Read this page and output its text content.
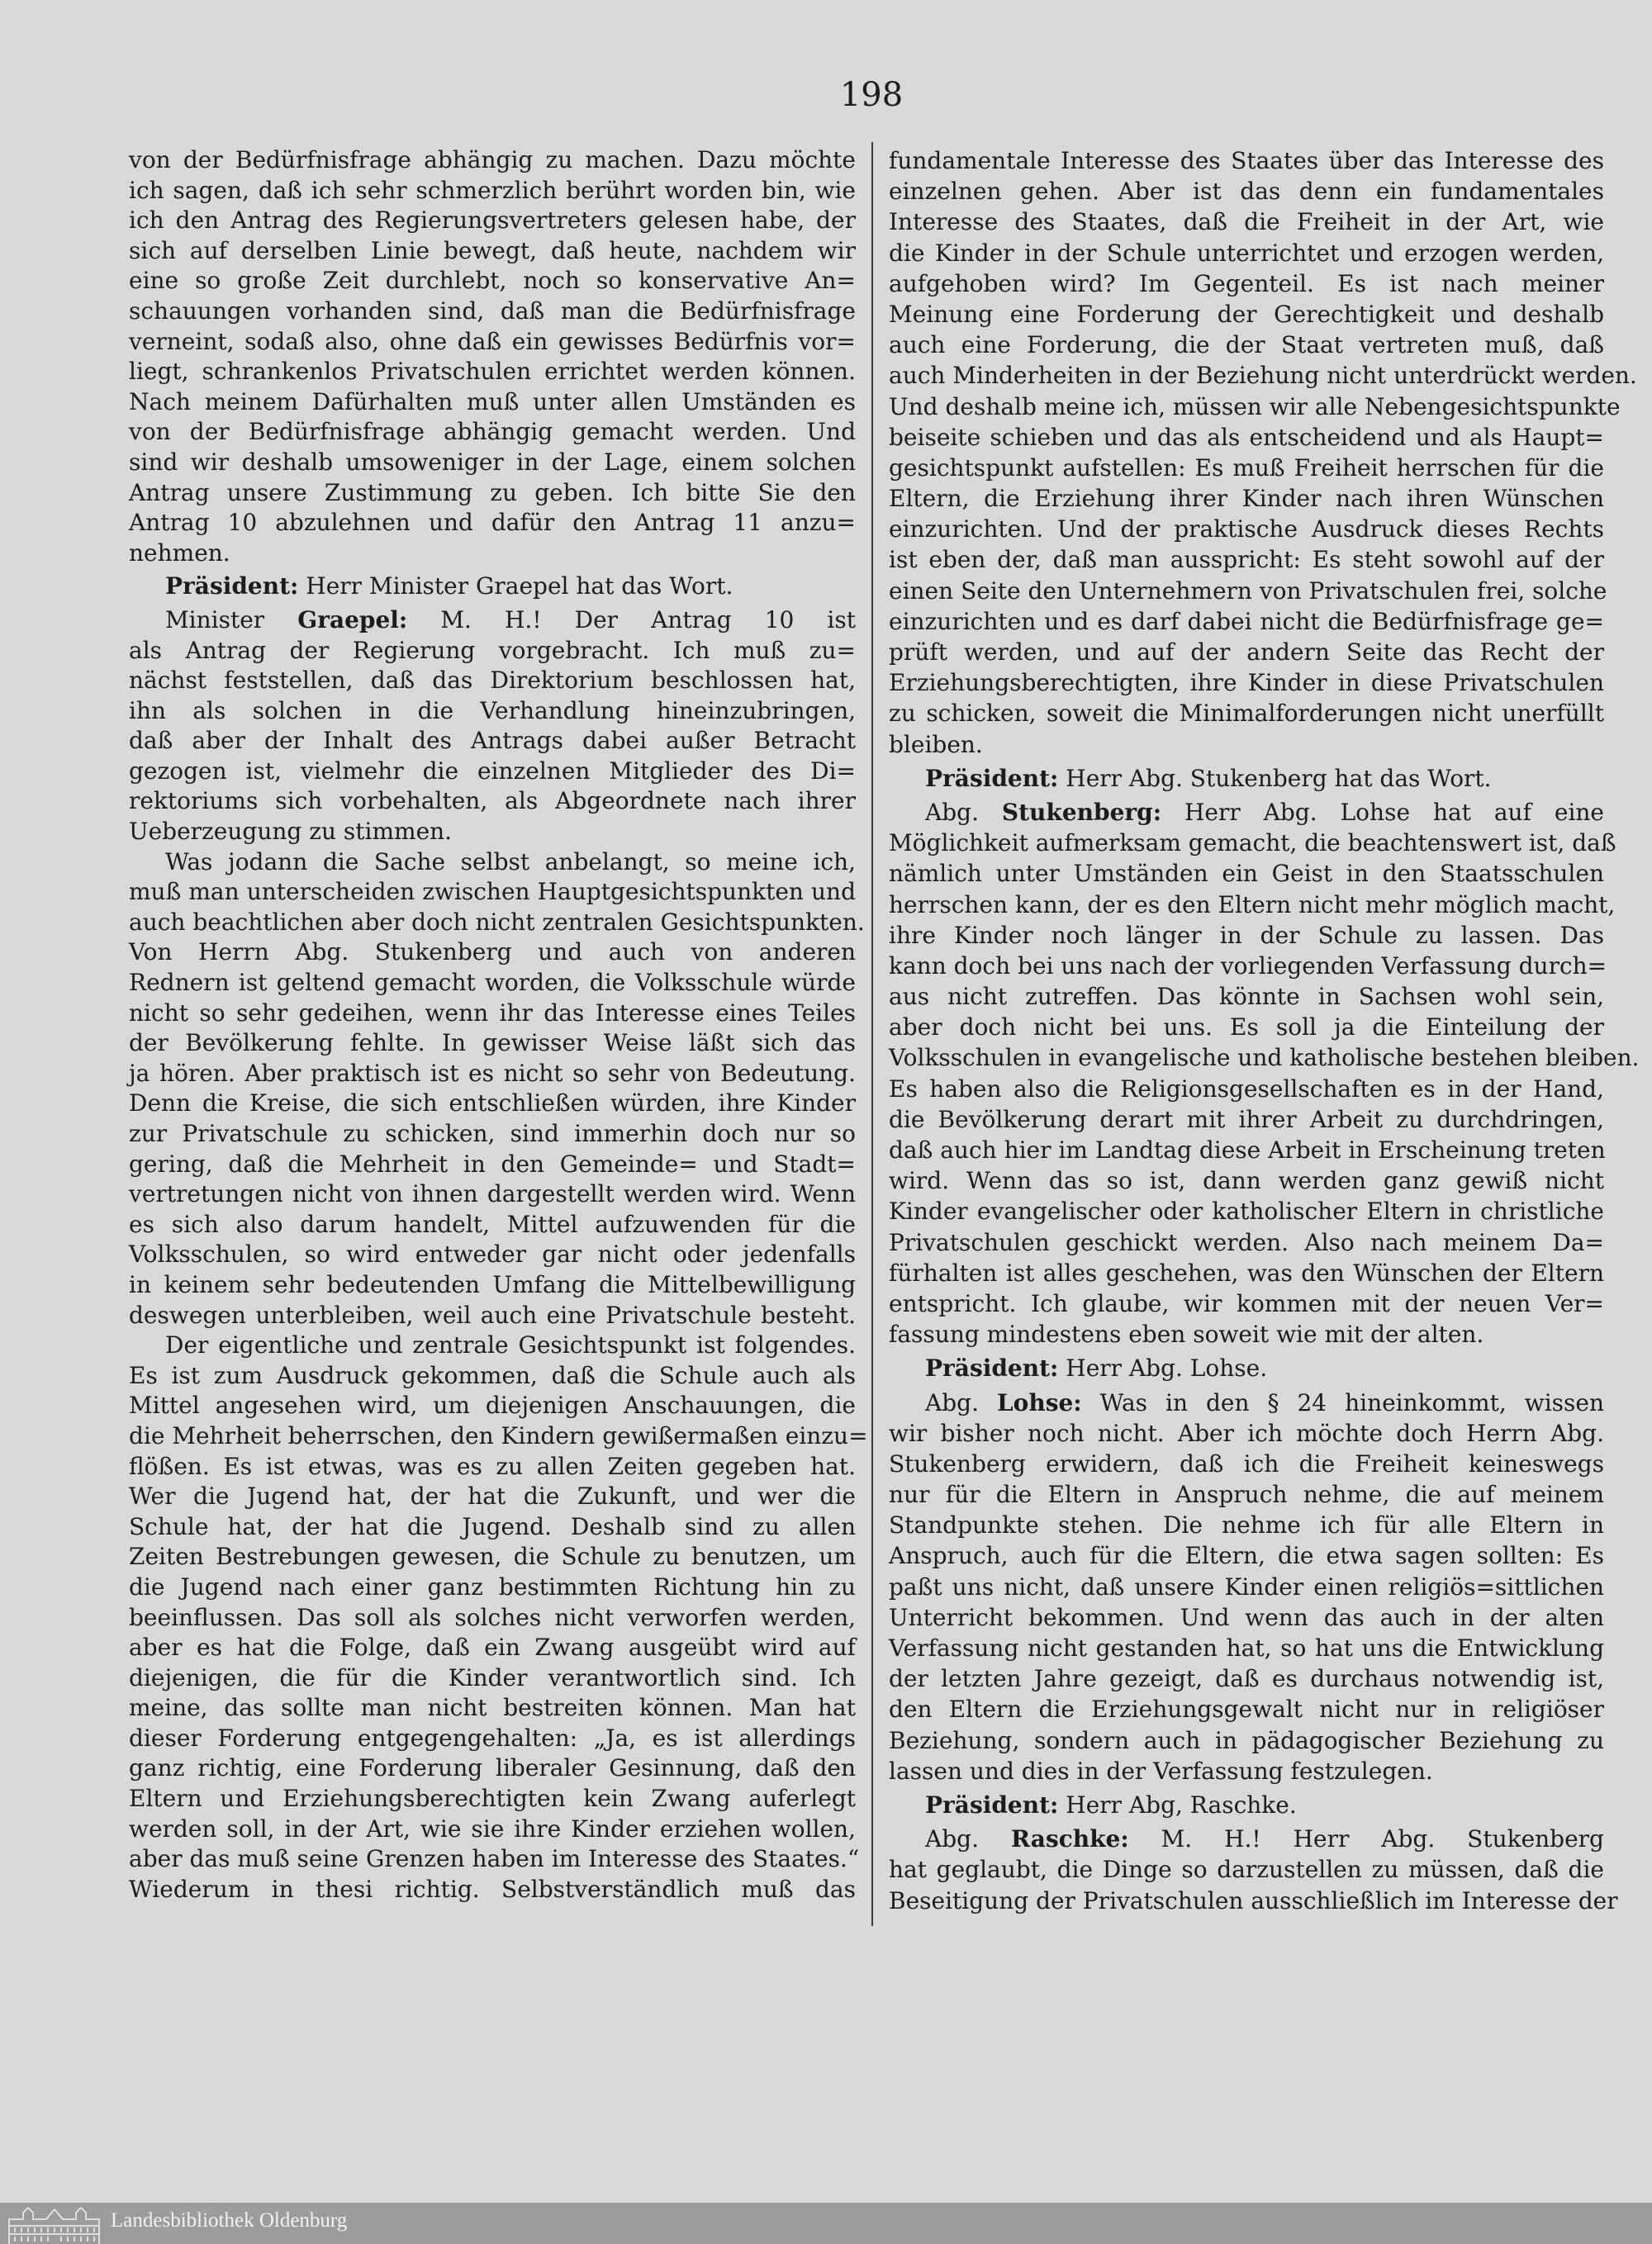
198
von der Bedürfnisfrage abhängig zu machen. Dazu möchte
ich sagen, daß ich sehr schmerzlich berührt worden bin, wie
ich den Antrag des Regierungsvertreters gelesen habe, der
sich auf derselben Linie bewegt, daß heute, nachdem wir
eine so große Zeit durchlebt, noch so konservative An=
schauungen vorhanden sind, daß man die Bedürfnisfrage
verneint, sodaß also, ohne daß ein gewisses Bedürfnis vor=
liegt, schrankenlos Privatschulen errichtet werden können.
Nach meinem Dafürhalten muß unter allen Umständen es
von der Bedürfnisfrage abhängig gemacht werden. Und
sind wir deshalb umsoweniger in der Lage, einem solchen
Antrag unsere Zustimmung zu geben. Ich bitte Sie den
Antrag 10 abzulehnen und dafür den Antrag 11 anzu=
nehmen.
Präsident: Herr Minister Graepel hat das Wort.
Minister Graepel: M. H.! Der Antrag 10 ist
als Antrag der Regierung vorgebracht. Ich muß zu=
nächst feststellen, daß das Direktorium beschlossen hat,
ihn als solchen in die Verhandlung hineinzubringen,
daß aber der Inhalt des Antrags dabei außer Betracht
gezogen ist, vielmehr die einzelnen Mitglieder des Di=
rektoriums sich vorbehalten, als Abgeordnete nach ihrer
Ueberzeugung zu stimmen.
Was jodann die Sache selbst anbelangt, so meine ich,
muß man unterscheiden zwischen Hauptgesichtspunkten und
auch beachtlichen aber doch nicht zentralen Gesichtspunkten.
Von Herrn Abg. Stukenberg und auch von anderen
Rednern ist geltend gemacht worden, die Volksschule würde
nicht so sehr gedeihen, wenn ihr das Interesse eines Teiles
der Bevölkerung fehlte. In gewisser Weise läßt sich das
ja hören. Aber praktisch ist es nicht so sehr von Bedeutung.
Denn die Kreise, die sich entschließen würden, ihre Kinder
zur Privatschule zu schicken, sind immerhin doch nur so
gering, daß die Mehrheit in den Gemeinde= und Stadt=
vertretungen nicht von ihnen dargestellt werden wird. Wenn
es sich also darum handelt, Mittel aufzuwenden für die
Volksschulen, so wird entweder gar nicht oder jedenfalls
in keinem sehr bedeutenden Umfang die Mittelbewilligung
deswegen unterbleiben, weil auch eine Privatschule besteht.
Der eigentliche und zentrale Gesichtspunkt ist folgendes.
Es ist zum Ausdruck gekommen, daß die Schule auch als
Mittel angesehen wird, um diejenigen Anschauungen, die
die Mehrheit beherrschen, den Kindern gewißermaßen einzu=
flößen. Es ist etwas, was es zu allen Zeiten gegeben hat.
Wer die Jugend hat, der hat die Zukunft, und wer die
Schule hat, der hat die Jugend. Deshalb sind zu allen
Zeiten Bestrebungen gewesen, die Schule zu benutzen, um
die Jugend nach einer ganz bestimmten Richtung hin zu
beeinflussen. Das soll als solches nicht verworfen werden,
aber es hat die Folge, daß ein Zwang ausgeübt wird auf
diejenigen, die für die Kinder verantwortlich sind. Ich
meine, das sollte man nicht bestreiten können. Man hat
dieser Forderung entgegengehalten: „Ja, es ist allerdings
ganz richtig, eine Forderung liberaler Gesinnung, daß den
Eltern und Erziehungsberechtigten kein Zwang auferlegt
werden soll, in der Art, wie sie ihre Kinder erziehen wollen,
aber das muß seine Grenzen haben im Interesse des Staates.“
Wiederum in thesi richtig. Selbstverständlich muß das
fundamentale Interesse des Staates über das Interesse des
einzelnen gehen. Aber ist das denn ein fundamentales
Interesse des Staates, daß die Freiheit in der Art, wie
die Kinder in der Schule unterrichtet und erzogen werden,
aufgehoben wird? Im Gegenteil. Es ist nach meiner
Meinung eine Forderung der Gerechtigkeit und deshalb
auch eine Forderung, die der Staat vertreten muß, daß
auch Minderheiten in der Beziehung nicht unterdrückt werden.
Und deshalb meine ich, müssen wir alle Nebengesichtspunkte
beiseite schieben und das als entscheidend und als Haupt=
gesichtspunkt aufstellen: Es muß Freiheit herrschen für die
Eltern, die Erziehung ihrer Kinder nach ihren Wünschen
einzurichten. Und der praktische Ausdruck dieses Rechts
ist eben der, daß man ausspricht: Es steht sowohl auf der
einen Seite den Unternehmern von Privatschulen frei, solche
einzurichten und es darf dabei nicht die Bedürfnisfrage ge=
prüft werden, und auf der andern Seite das Recht der
Erziehungsberechtigten, ihre Kinder in diese Privatschulen
zu schicken, soweit die Minimalforderungen nicht unerfüllt
bleiben.
Präsident: Herr Abg. Stukenberg hat das Wort.
Abg. Stukenberg: Herr Abg. Lohse hat auf eine
Möglichkeit aufmerksam gemacht, die beachtenswert ist, daß
nämlich unter Umständen ein Geist in den Staatsschulen
herrschen kann, der es den Eltern nicht mehr möglich macht,
ihre Kinder noch länger in der Schule zu lassen. Das
kann doch bei uns nach der vorliegenden Verfassung durch=
aus nicht zutreffen. Das könnte in Sachsen wohl sein,
aber doch nicht bei uns. Es soll ja die Einteilung der
Volksschulen in evangelische und katholische bestehen bleiben.
Es haben also die Religionsgesellschaften es in der Hand,
die Bevölkerung derart mit ihrer Arbeit zu durchdringen,
daß auch hier im Landtag diese Arbeit in Erscheinung treten
wird. Wenn das so ist, dann werden ganz gewiß nicht
Kinder evangelischer oder katholischer Eltern in christliche
Privatschulen geschickt werden. Also nach meinem Da=
fürhalten ist alles geschehen, was den Wünschen der Eltern
entspricht. Ich glaube, wir kommen mit der neuen Ver=
fassung mindestens eben soweit wie mit der alten.
Präsident: Herr Abg. Lohse.
Abg. Lohse: Was in den § 24 hineinkommt, wissen
wir bisher noch nicht. Aber ich möchte doch Herrn Abg.
Stukenberg erwidern, daß ich die Freiheit keineswegs
nur für die Eltern in Anspruch nehme, die auf meinem
Standpunkte stehen. Die nehme ich für alle Eltern in
Anspruch, auch für die Eltern, die etwa sagen sollten: Es
paßt uns nicht, daß unsere Kinder einen religiös=sittlichen
Unterricht bekommen. Und wenn das auch in der alten
Verfassung nicht gestanden hat, so hat uns die Entwicklung
der letzten Jahre gezeigt, daß es durchaus notwendig ist,
den Eltern die Erziehungsgewalt nicht nur in religiöser
Beziehung, sondern auch in pädagogischer Beziehung zu
lassen und dies in der Verfassung festzulegen.
Präsident: Herr Abg, Raschke.
Abg. Raschke: M. H.! Herr Abg. Stukenberg
hat geglaubt, die Dinge so darzustellen zu müssen, daß die
Beseitigung der Privatschulen ausschließlich im Interesse der
Landesbibliothek Oldenburg
